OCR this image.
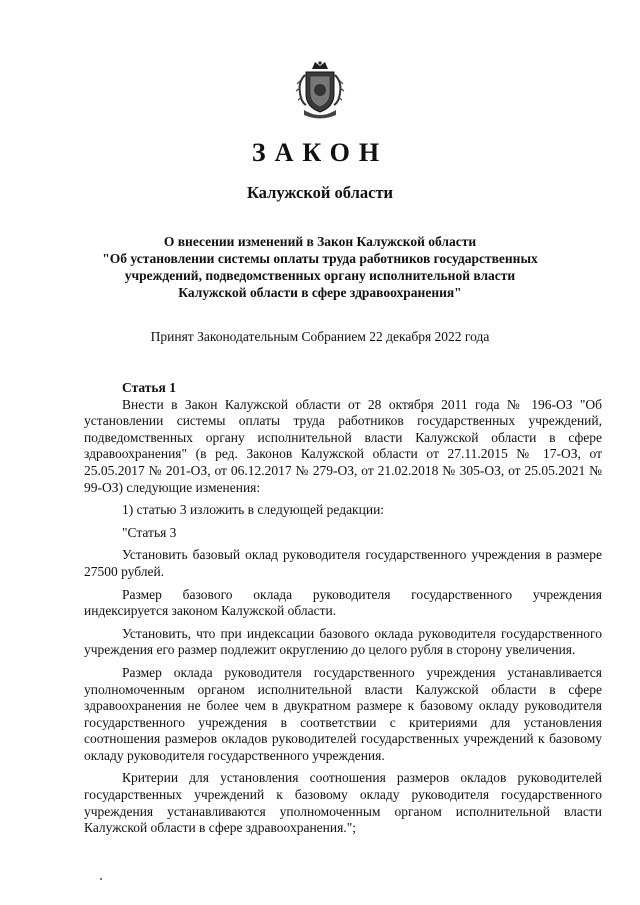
ЗАКОН
Калужской области
О внесении изменений в Закон Калужской области
"Об установлении системы оплаты труда работников государственных
учреждений, подведомственных органу исполнительной власти
Калужской области в сфере здравоохранения"
Принят Законодательным Собранием 22 декабря 2022 года

Статья 1

Внести в Закон Калужской области от 28 октября 2011 года № 196-ОЗ "Об установлении системы оплаты труда работников государственных учреждений, подведомственных органу исполнительной власти Калужской области в сфере здравоохранения" (в ред. Законов Калужской области от 27.11.2015 № 17-ОЗ, от 25.05.2017 № 201-ОЗ, от 06.12.2017 № 279-ОЗ, от 21.02.2018 № 305-ОЗ, от 25.05.2021 № 99-ОЗ) следующие изменения:

1) статью 3 изложить в следующей редакции:

"Статья 3

Установить базовый оклад руководителя государственного учреждения в размере 27500 рублей.

Размер базового оклада руководителя государственного учреждения индексируется законом Калужской области.

Установить, что при индексации базового оклада руководителя государственного учреждения его размер подлежит округлению до целого рубля в сторону увеличения.

Размер оклада руководителя государственного учреждения устанавливается уполномоченным органом исполнительной власти Калужской области в сфере здравоохранения не более чем в двукратном размере к базовому окладу руководителя государственного учреждения в соответствии с критериями для установления соотношения размеров окладов руководителей государственных учреждений к базовому окладу руководителя государственного учреждения.

Критерии для установления соотношения размеров окладов руководителей государственных учреждений к базовому окладу руководителя государственного учреждения устанавливаются уполномоченным органом исполнительной власти Калужской области в сфере здравоохранения.";
